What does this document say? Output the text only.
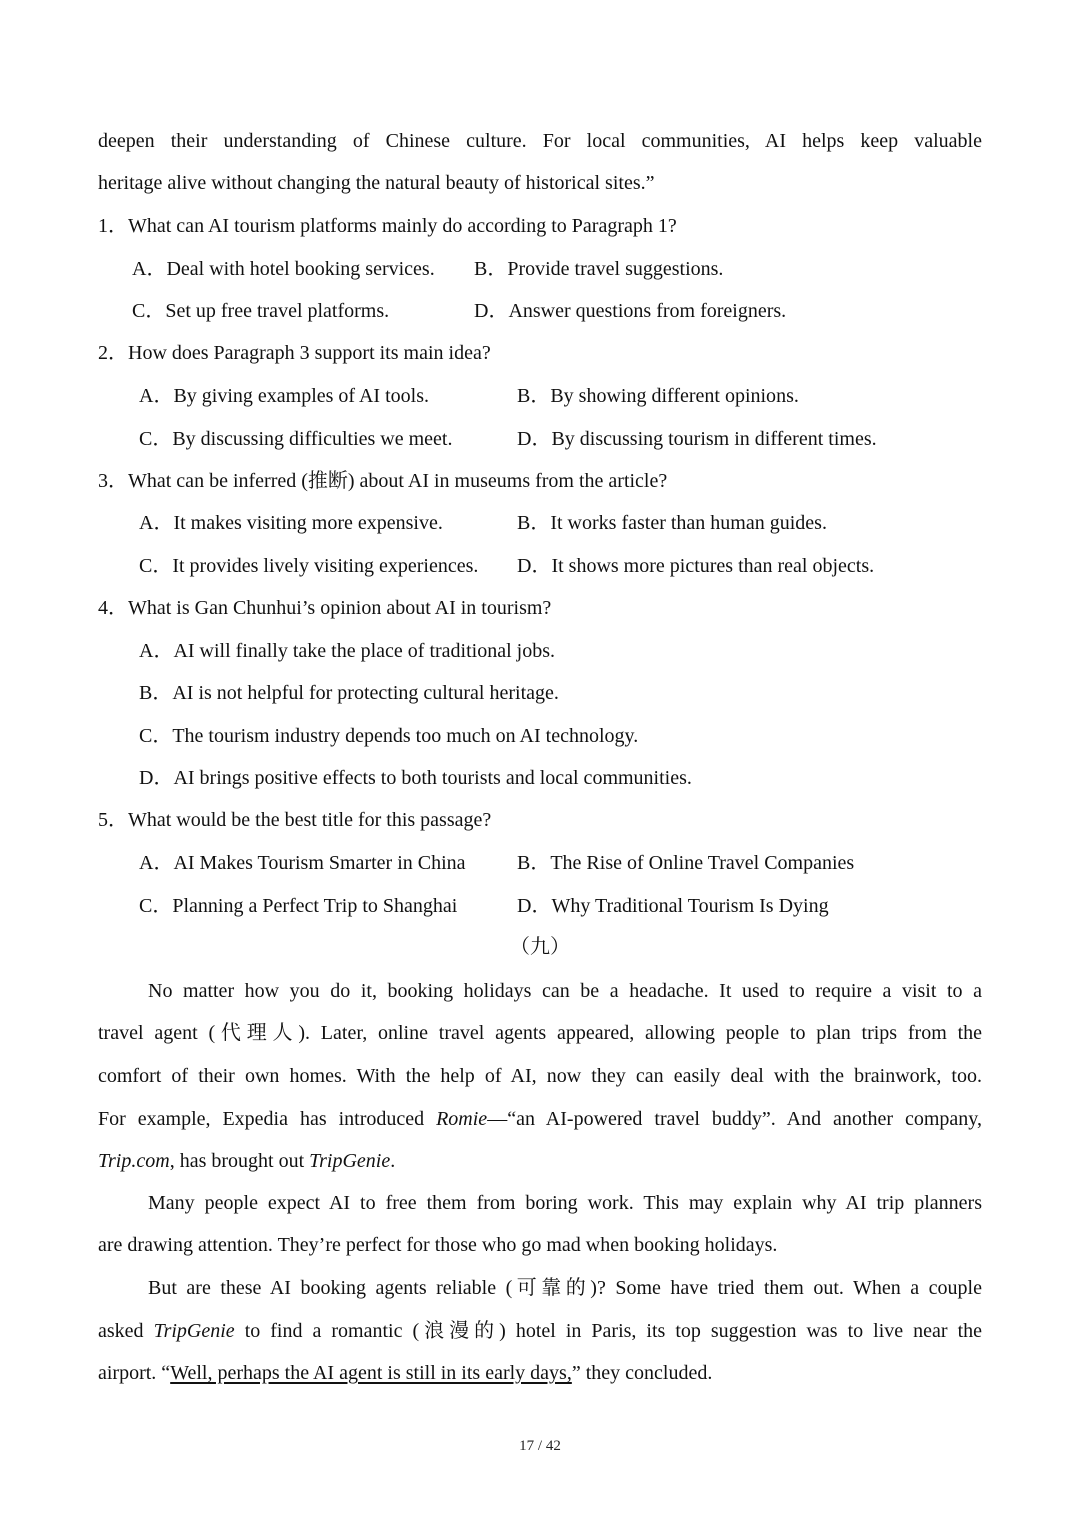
deepen their understanding of Chinese culture. For local communities, AI helps keep valuable
heritage alive without changing the natural beauty of historical sites.”
1．What can AI tourism platforms mainly do according to Paragraph 1?
A．Deal with hotel booking services. B．Provide travel suggestions.
C．Set up free travel platforms.	D．Answer questions from foreigners.
2．How does Paragraph 3 support its main idea?
A．By giving examples of AI tools.	B．By showing different opinions.
C．By discussing difficulties we meet.	D．By discussing tourism in different times.
3．What can be inferred (推断) about AI in museums from the article?
A．It makes visiting more expensive.	B．It works faster than human guides.
C．It provides lively visiting experiences. D．It shows more pictures than real objects.
4．What is Gan Chunhui’s opinion about AI in tourism?
A．AI will finally take the place of traditional jobs.
B．AI is not helpful for protecting cultural heritage.
C．The tourism industry depends too much on AI technology.
D．AI brings positive effects to both tourists and local communities.
5．What would be the best title for this passage?
A．AI Makes Tourism Smarter in China	B．The Rise of Online Travel Companies
C．Planning a Perfect Trip to Shanghai	D．Why Traditional Tourism Is Dying
（九）
No matter how you do it, booking holidays can be a headache. It used to require a visit to a
travel agent (代理人). Later, online travel agents appeared, allowing people to plan trips from the
comfort of their own homes. With the help of AI, now they can easily deal with the brainwork, too.
For example, Expedia has introduced Romie—“an AI-powered travel buddy”. And another company,
Trip.com, has brought out TripGenie.
Many people expect AI to free them from boring work. This may explain why AI trip planners
are drawing attention. They’re perfect for those who go mad when booking holidays.
But are these AI booking agents reliable (可靠的)? Some have tried them out. When a couple
asked TripGenie to find a romantic (浪漫的) hotel in Paris, its top suggestion was to live near the
airport. “Well, perhaps the AI agent is still in its early days,” they concluded.
17 / 42
